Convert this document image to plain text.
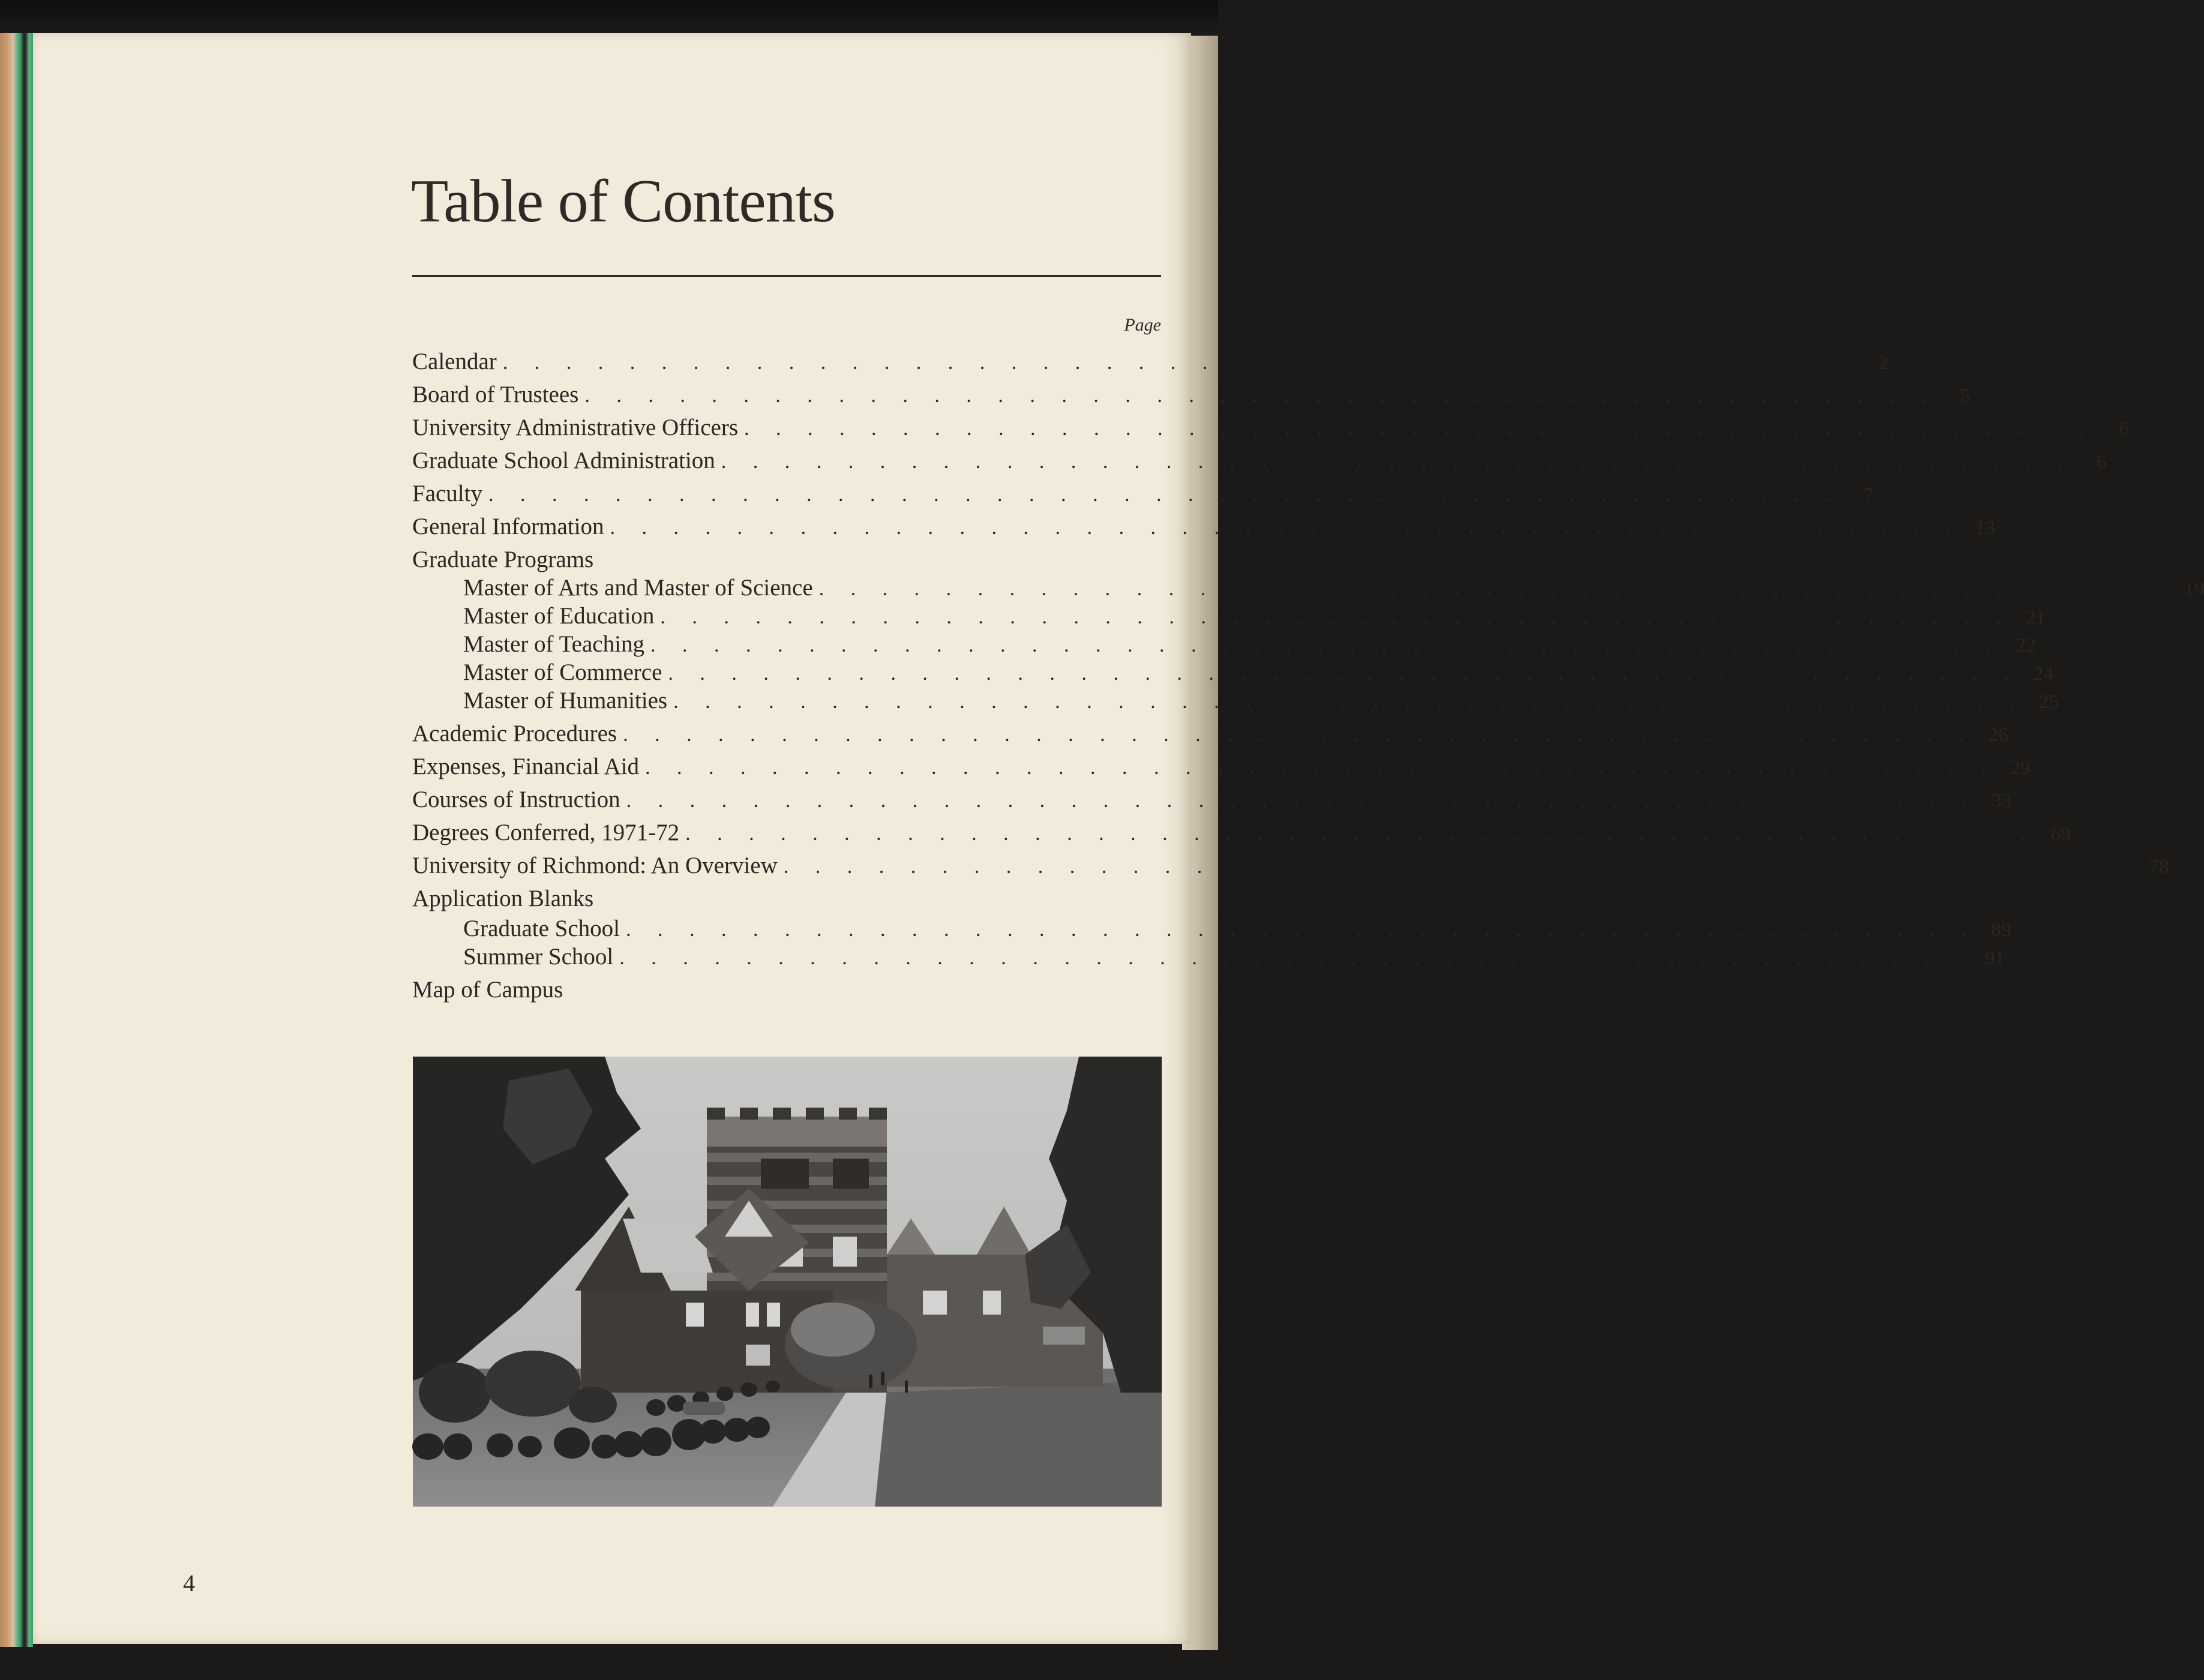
Table of Contents
Page
Calendar . . . . . . . . . . . . . . . . . . . . . . . . . . . . . . . . . . . . . . . . . . .	2
Board of Trustees . . . . . . . . . . . . . . . . . . . . . . . . . . . . . . . . . . . . . . . . . . .	5
University Administrative Officers . . . . . . . . . . . . . . . . . . . . . . . . . . . . . . . . . . . . . . . . . . .	6
Graduate School Administration . . . . . . . . . . . . . . . . . . . . . . . . . . . . . . . . . . . . . . . . . . .	6
Faculty . . . . . . . . . . . . . . . . . . . . . . . . . . . . . . . . . . . . . . . . . . .	7
General Information . . . . . . . . . . . . . . . . . . . . . . . . . . . . . . . . . . . . . . . . . . . 13
Graduate Programs
Master of Arts and Master of Science . . . . . . . . . . . . . . . . . . . . . . . . . . . . . . . . . . . . . . . . . . . 19
Master of Education . . . . . . . . . . . . . . . . . . . . . . . . . . . . . . . . . . . . . . . . . . . 21
Master of Teaching . . . . . . . . . . . . . . . . . . . . . . . . . . . . . . . . . . . . . . . . . . . 22
Master of Commerce . . . . . . . . . . . . . . . . . . . . . . . . . . . . . . . . . . . . . . . . . . . 24
Master of Humanities . . . . . . . . . . . . . . . . . . . . . . . . . . . . . . . . . . . . . . . . . . . 25
Academic Procedures . . . . . . . . . . . . . . . . . . . . . . . . . . . . . . . . . . . . . . . . . . . 26
Expenses, Financial Aid . . . . . . . . . . . . . . . . . . . . . . . . . . . . . . . . . . . . . . . . . . . 29
Courses of Instruction . . . . . . . . . . . . . . . . . . . . . . . . . . . . . . . . . . . . . . . . . . . 33
Degrees Conferred, 1971-72 . . . . . . . . . . . . . . . . . . . . . . . . . . . . . . . . . . . . . . . . . . . 69
University of Richmond: An Overview . . . . . . . . . . . . . . . . . . . . . . . . . . . . . . . . . . . . . . . . . . . 78
Application Blanks
Graduate School . . . . . . . . . . . . . . . . . . . . . . . . . . . . . . . . . . . . . . . . . . . 89
Summer School . . . . . . . . . . . . . . . . . . . . . . . . . . . . . . . . . . . . . . . . . . . 91
Map of Campus
4
